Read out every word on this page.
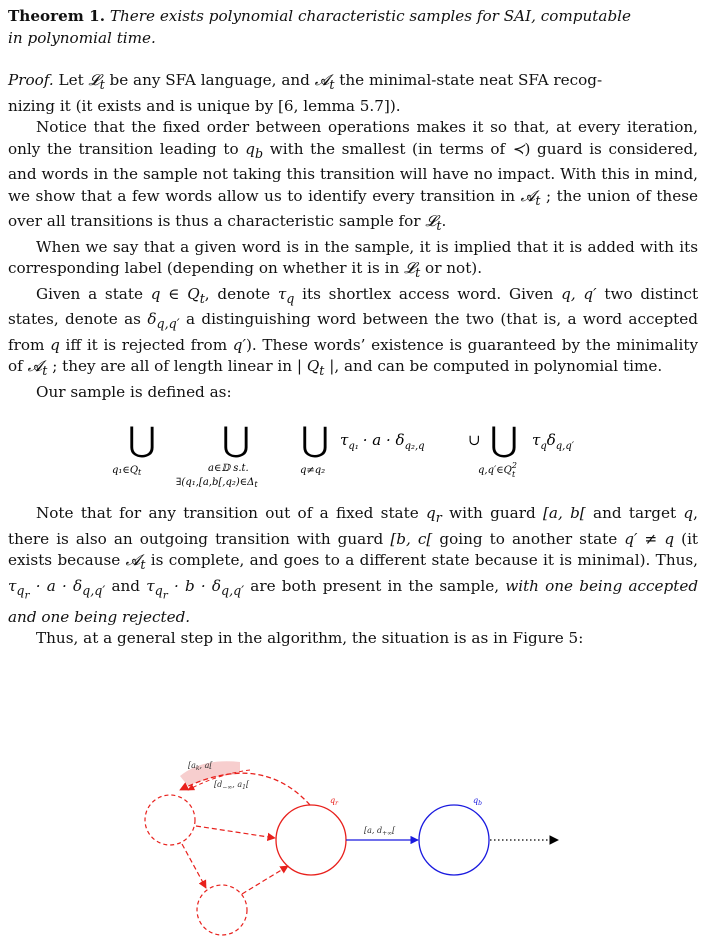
Theorem 1. There exists polynomial characteristic samples for SAI, computable
in polynomial time.

Proof. Let 𝓛$_t$ be any SFA language, and 𝓐$_t$ the minimal-state neat SFA recog-
nizing it (it exists and is unique by [6, lemma 5.7]).

Notice that the fixed order between operations makes it so that, at every iteration, only the transition leading to $q_b$ with the smallest (in terms of ≺) guard is considered, and words in the sample not taking this transition will have no impact. With this in mind, we show that a few words allow us to identify every transition in 𝓐$_t$ ; the union of these over all transitions is thus a characteristic sample for 𝓛$_t$.

When we say that a given word is in the sample, it is implied that it is added with its corresponding label (depending on whether it is in 𝓛$_t$ or not).

Given a state q ∈ $Q_t$, denote $\tau_q$ its shortlex access word. Given q, q′ two distinct states, denote as $\delta_{q,q'}$ a distinguishing word between the two (that is, a word accepted from q iff it is rejected from q′). These words’ existence is guaranteed by the minimality of 𝓐$_t$ ; they are all of length linear in | $Q_t$ |, and can be computed in polynomial time.

Our sample is defined as:

⋃
$q_1\in Q_t$
⋃
a∈𝔻 s.t.
$\exists(q_1,[a,b[,q_2)\in\Delta_t$
⋃
q≠q₂
$\tau_{q_1} \cdot a \cdot \delta_{q_2,q}$	∪ ⋃
$q,q'\in Q^2$ t
$\tau_q\delta_{q,q'}$

Note that for any transition out of a fixed state $q_r$ with guard [a, b[ and target q, there is also an outgoing transition with guard [b, c[ going to another state q′ ≠ q (it exists because 𝓐$_t$ is complete, and goes to a different state because it is minimal). Thus, $\tau_{q_r} \cdot a \cdot \delta_{q,q'}$ and $\tau_{q_r} \cdot b \cdot \delta_{q,q'}$ are both present in the sample, with one being accepted and one being rejected.

Thus, at a general step in the algorithm, the situation is as in Figure 5:

[$a_k$, a[
[$d_{-\infty}$, $a_1$[
$q_r$	$q_b$
[a, $d_{+\infty}$[
